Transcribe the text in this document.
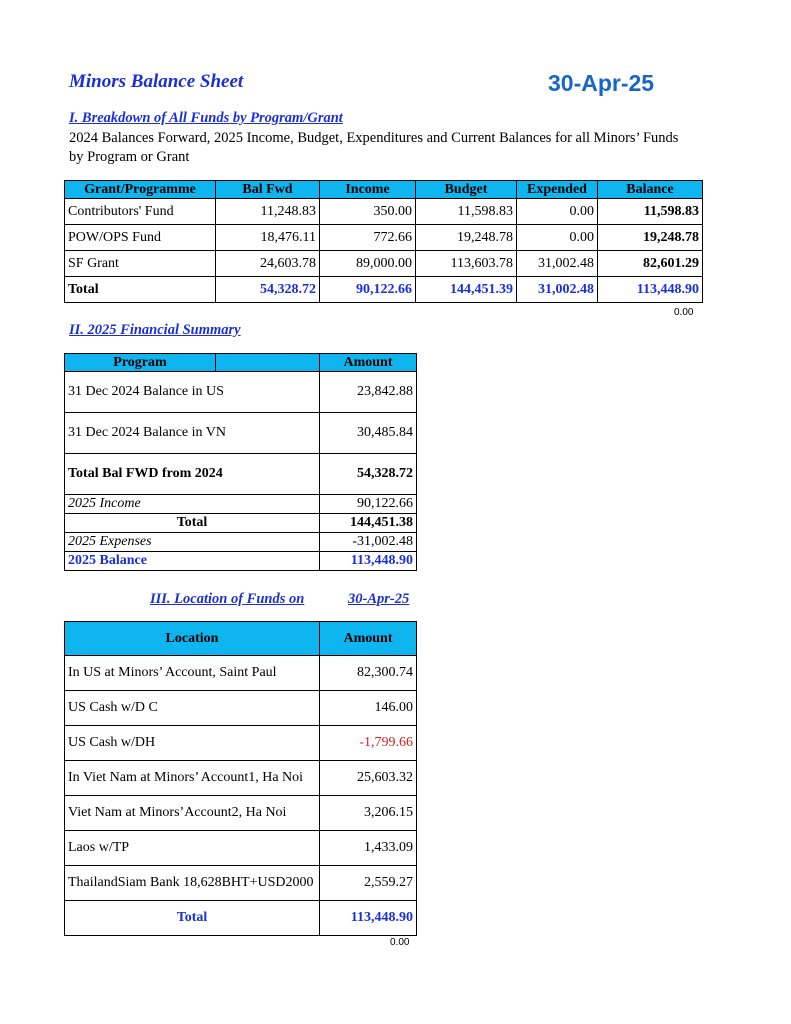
Minors Balance Sheet	30-Apr-25
I. Breakdown of All Funds by Program/Grant
2024 Balances Forward, 2025 Income, Budget, Expenditures and Current Balances for all Minors’ Funds by Program or Grant
Grant/Programme	Bal Fwd	Income	Budget	Expended	Balance
Contributors' Fund	11,248.83	350.00	11,598.83	0.00	11,598.83
POW/OPS Fund	18,476.11	772.66	19,248.78	0.00	19,248.78
SF Grant	24,603.78	89,000.00	113,603.78	31,002.48	82,601.29
Total	54,328.72	90,122.66	144,451.39	31,002.48	113,448.90
0.00
II. 2025 Financial Summary
Program		Amount
31 Dec 2024 Balance in US		23,842.88
31 Dec 2024 Balance in VN		30,485.84
Total Bal FWD from 2024		54,328.72
2025 Income		90,122.66
Total		144,451.38
2025 Expenses		-31,002.48
2025 Balance		113,448.90
III. Location of Funds on	30-Apr-25
Location	Amount
In US at Minors’ Account, Saint Paul	82,300.74
US Cash w/D C	146.00
US Cash w/DH	-1,799.66
In Viet Nam at Minors’ Account1, Ha Noi	25,603.32
Viet Nam at Minors’Account2, Ha Noi	3,206.15
Laos w/TP	1,433.09
ThailandSiam Bank 18,628BHT+USD2000	2,559.27
Total	113,448.90
0.00
